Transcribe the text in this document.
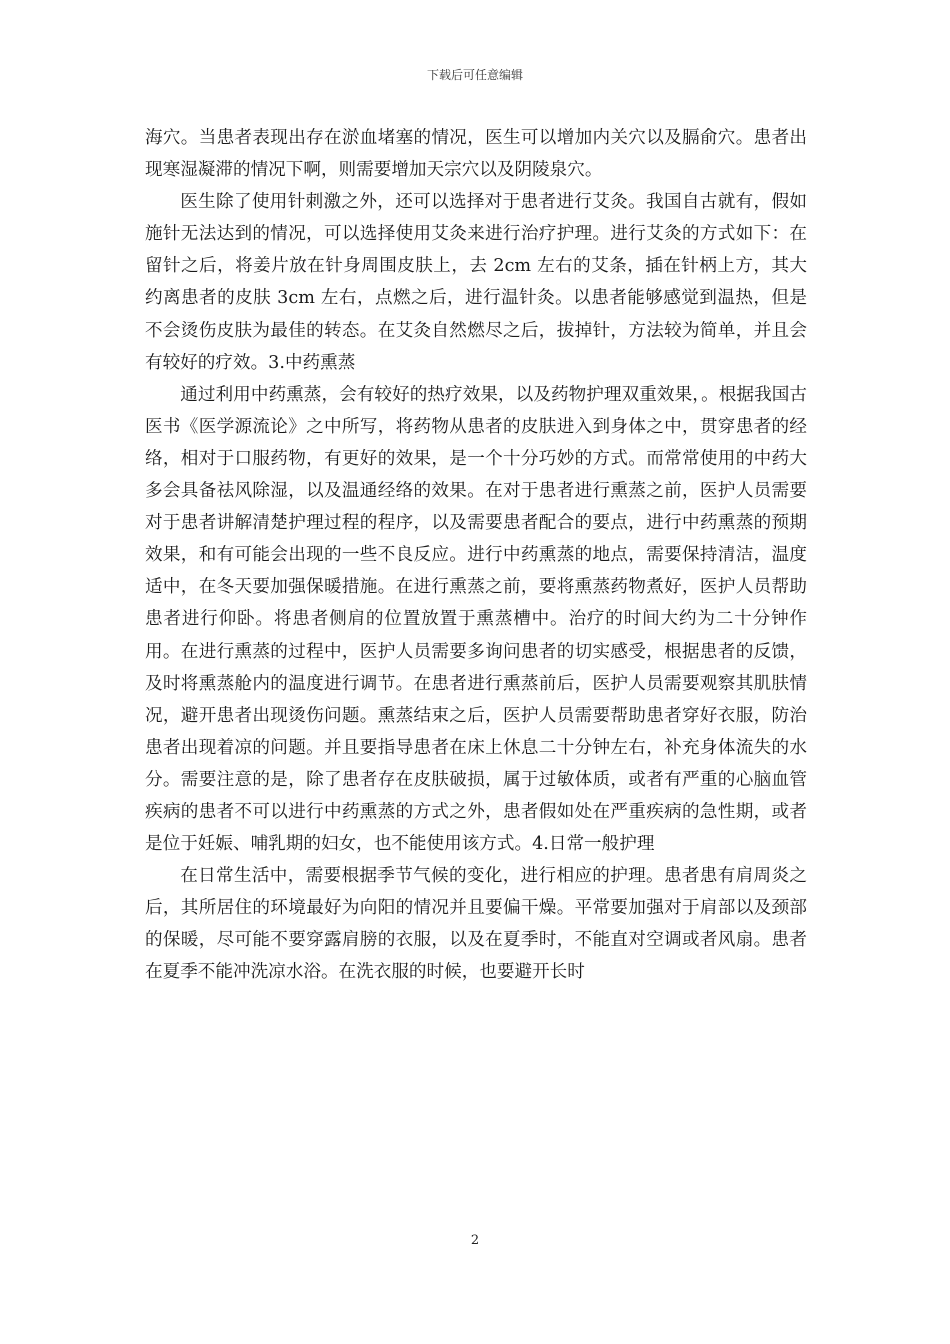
下载后可任意编辑

海穴。当患者表现出存在淤血堵塞的情况，医生可以增加内关穴以及膈俞穴。患者出现寒湿凝滞的情况下啊，则需要增加天宗穴以及阴陵泉穴。

医生除了使用针刺激之外，还可以选择对于患者进行艾灸。我国自古就有，假如施针无法达到的情况，可以选择使用艾灸来进行治疗护理。进行艾灸的方式如下：在留针之后，将姜片放在针身周围皮肤上，去 2cm 左右的艾条，插在针柄上方，其大约离患者的皮肤 3cm 左右，点燃之后，进行温针灸。以患者能够感觉到温热，但是不会烫伤皮肤为最佳的转态。在艾灸自然燃尽之后，拔掉针，方法较为简单，并且会有较好的疗效。3.中药熏蒸

通过利用中药熏蒸，会有较好的热疗效果，以及药物护理双重效果，。根据我国古医书《医学源流论》之中所写，将药物从患者的皮肤进入到身体之中，贯穿患者的经络，相对于口服药物，有更好的效果，是一个十分巧妙的方式。而常常使用的中药大多会具备祛风除湿，以及温通经络的效果。在对于患者进行熏蒸之前，医护人员需要对于患者讲解清楚护理过程的程序，以及需要患者配合的要点，进行中药熏蒸的预期效果，和有可能会出现的一些不良反应。进行中药熏蒸的地点，需要保持清洁，温度适中，在冬天要加强保暖措施。在进行熏蒸之前，要将熏蒸药物煮好，医护人员帮助患者进行仰卧。将患者侧肩的位置放置于熏蒸槽中。治疗的时间大约为二十分钟作用。在进行熏蒸的过程中，医护人员需要多询问患者的切实感受，根据患者的反馈，及时将熏蒸舱内的温度进行调节。在患者进行熏蒸前后，医护人员需要观察其肌肤情况，避开患者出现烫伤问题。熏蒸结束之后，医护人员需要帮助患者穿好衣服，防治患者出现着凉的问题。并且要指导患者在床上休息二十分钟左右，补充身体流失的水分。需要注意的是，除了患者存在皮肤破损，属于过敏体质，或者有严重的心脑血管疾病的患者不可以进行中药熏蒸的方式之外，患者假如处在严重疾病的急性期，或者是位于妊娠、哺乳期的妇女，也不能使用该方式。4.日常一般护理

在日常生活中，需要根据季节气候的变化，进行相应的护理。患者患有肩周炎之后，其所居住的环境最好为向阳的情况并且要偏干燥。平常要加强对于肩部以及颈部的保暖，尽可能不要穿露肩膀的衣服，以及在夏季时，不能直对空调或者风扇。患者在夏季不能冲洗凉水浴。在洗衣服的时候，也要避开长时

2
